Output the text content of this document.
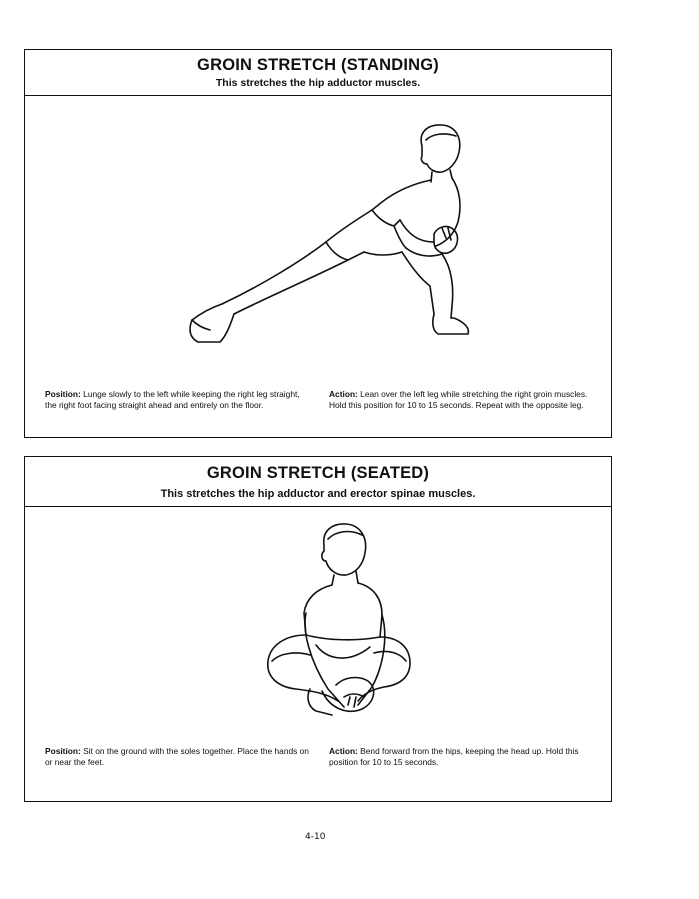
GROIN STRETCH (STANDING)
This stretches the hip adductor muscles.
Position: Lunge slowly to the left while keeping the right leg straight, the right foot facing straight ahead and entirely on the floor.
Action: Lean over the left leg while stretching the right groin muscles. Hold this position for 10 to 15 seconds. Repeat with the opposite leg.
GROIN STRETCH (SEATED)
This stretches the hip adductor and erector spinae muscles.
Position: Sit on the ground with the soles together. Place the hands on or near the feet.
Action: Bend forward from the hips, keeping the head up. Hold this position for 10 to 15 seconds.
4-10
